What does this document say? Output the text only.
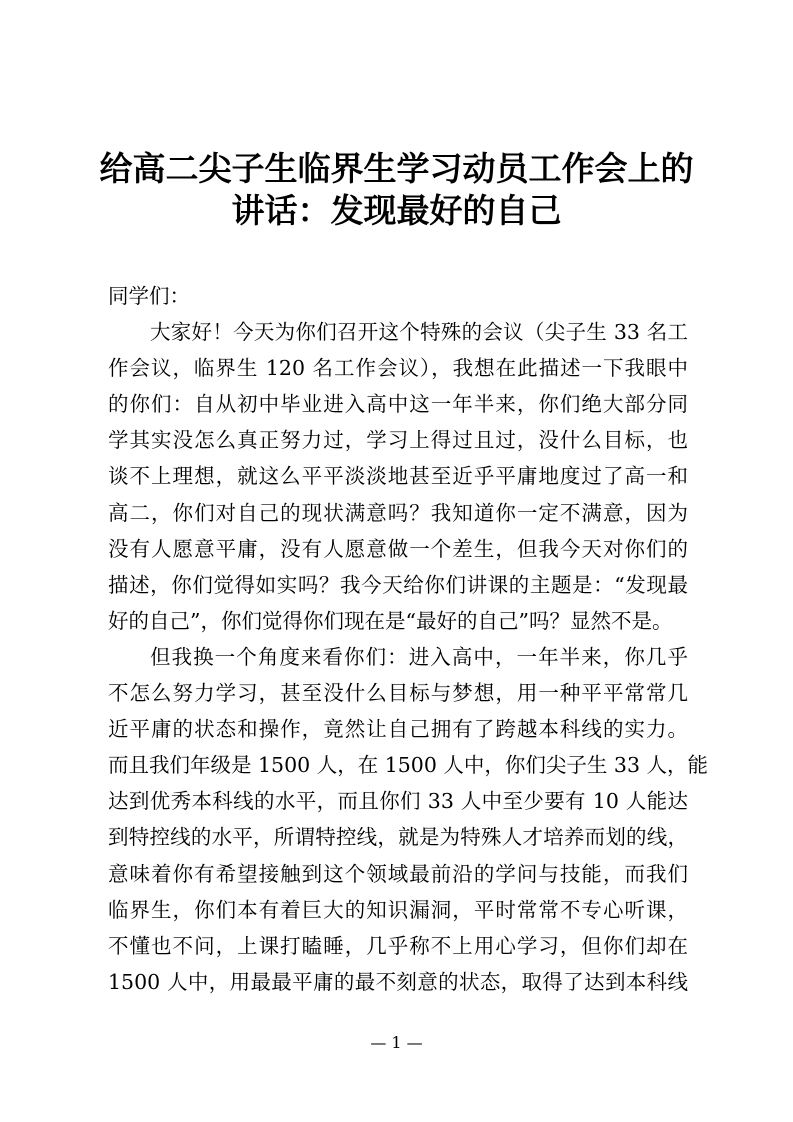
给高二尖子生临界生学习动员工作会上的
讲话：发现最好的自己
同学们：
大家好！今天为你们召开这个特殊的会议（尖子生 33 名工
作会议，临界生 120 名工作会议），我想在此描述一下我眼中
的你们：自从初中毕业进入高中这一年半来，你们绝大部分同
学其实没怎么真正努力过，学习上得过且过，没什么目标，也
谈不上理想，就这么平平淡淡地甚至近乎平庸地度过了高一和
高二，你们对自己的现状满意吗？我知道你一定不满意，因为
没有人愿意平庸，没有人愿意做一个差生，但我今天对你们的
描述，你们觉得如实吗？我今天给你们讲课的主题是：“发现最
好的自己”，你们觉得你们现在是“最好的自己”吗？显然不是。
但我换一个角度来看你们：进入高中，一年半来，你几乎
不怎么努力学习，甚至没什么目标与梦想，用一种平平常常几
近平庸的状态和操作，竟然让自己拥有了跨越本科线的实力。
而且我们年级是 1500 人，在 1500 人中，你们尖子生 33 人，能
达到优秀本科线的水平，而且你们 33 人中至少要有 10 人能达
到特控线的水平，所谓特控线，就是为特殊人才培养而划的线，
意味着你有希望接触到这个领域最前沿的学问与技能，而我们
临界生，你们本有着巨大的知识漏洞，平时常常不专心听课，
不懂也不问，上课打瞌睡，几乎称不上用心学习，但你们却在
1500 人中，用最最平庸的最不刻意的状态，取得了达到本科线
— 1 —
